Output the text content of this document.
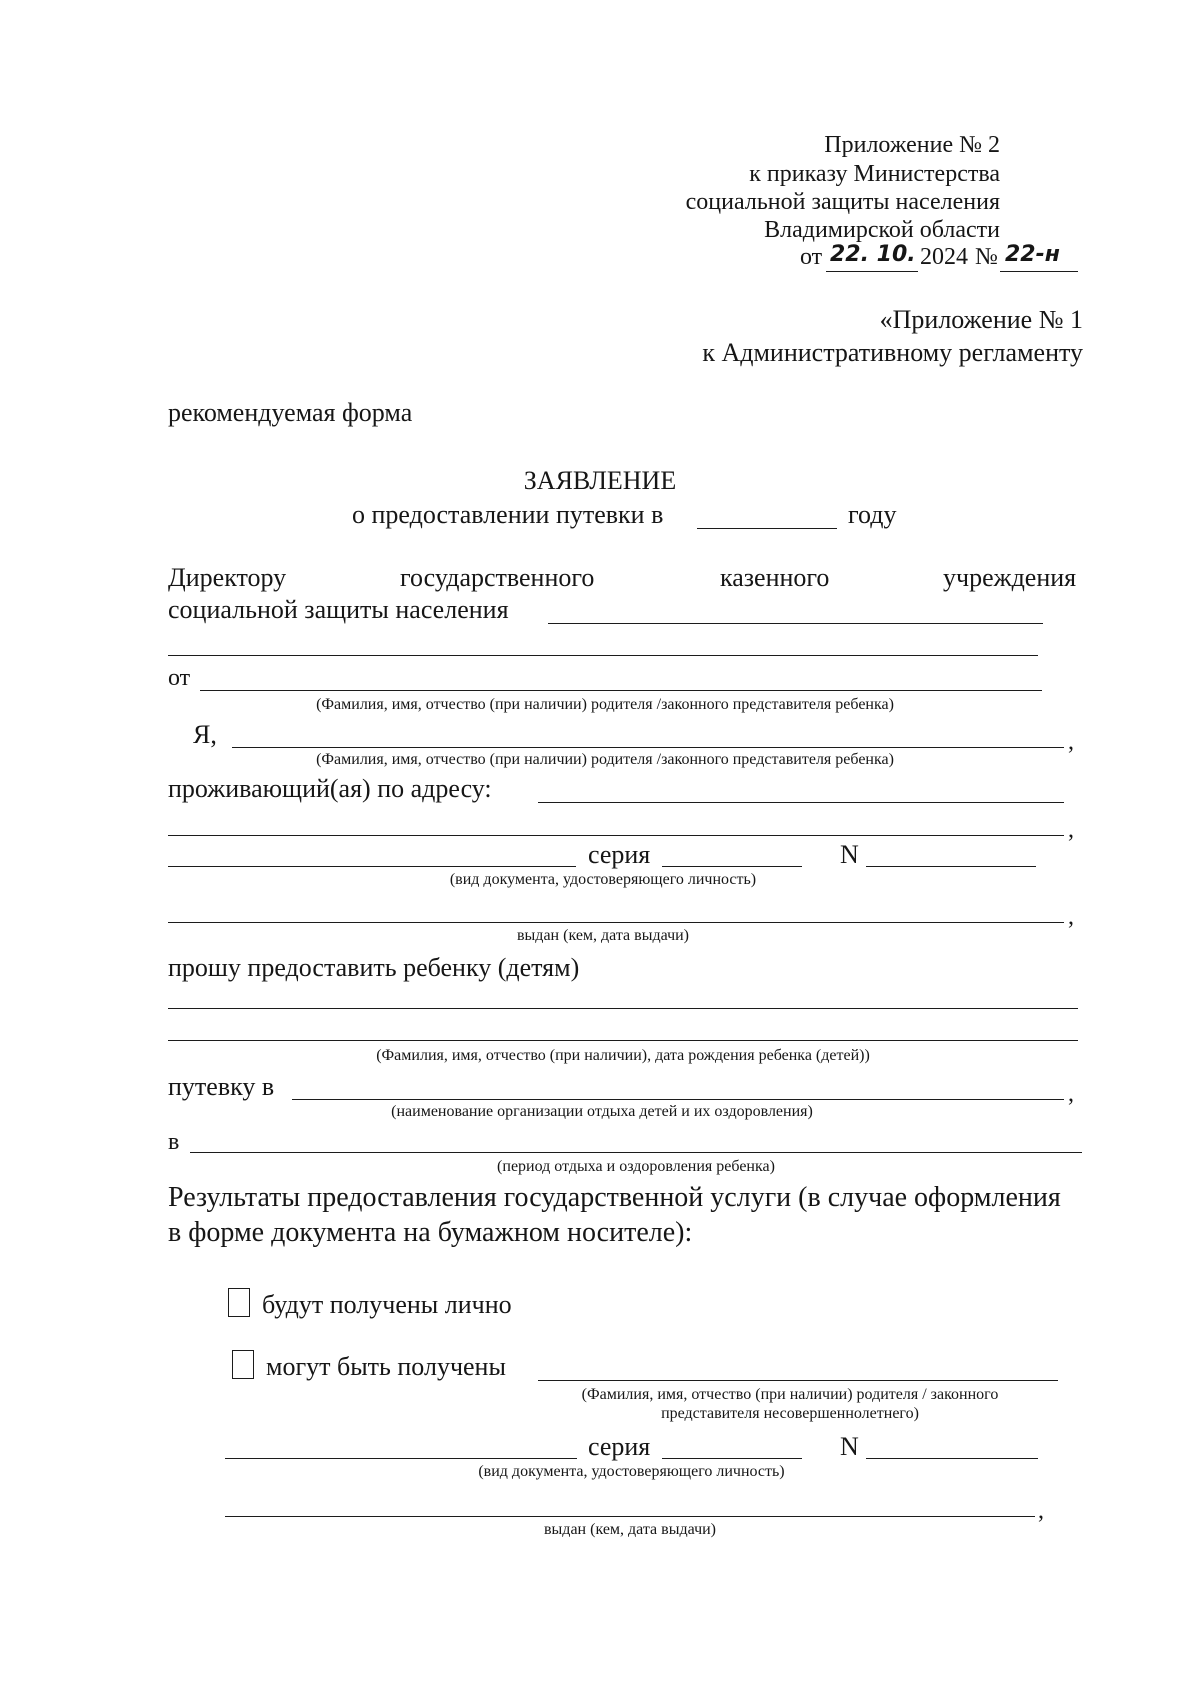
Приложение № 2
к приказу Министерства
социальной защиты населения
Владимирской области
от 22. 10. 2024 № 22-н
«Приложение № 1
к Административному регламенту
рекомендуемая форма
ЗАЯВЛЕНИЕ
о предоставлении путевки в	году
Директору	государственного	казенного	учреждения
социальной защиты населения
от
(Фамилия, имя, отчество (при наличии) родителя /законного представителя ребенка)
Я,	,
(Фамилия, имя, отчество (при наличии) родителя /законного представителя ребенка)
проживающий(ая) по адресу:
,
серия	N
(вид документа, удостоверяющего личность)
,
выдан (кем, дата выдачи)
прошу предоставить ребенку (детям)
(Фамилия, имя, отчество (при наличии), дата рождения ребенка (детей))
путевку в	,
(наименование организации отдыха детей и их оздоровления)
в
(период отдыха и оздоровления ребенка)
Результаты предоставления государственной услуги (в случае оформления
в форме документа на бумажном носителе):
будут получены лично
могут быть получены
(Фамилия, имя, отчество (при наличии) родителя / законного
представителя несовершеннолетнего)
серия	N
(вид документа, удостоверяющего личность)
,
выдан (кем, дата выдачи)
